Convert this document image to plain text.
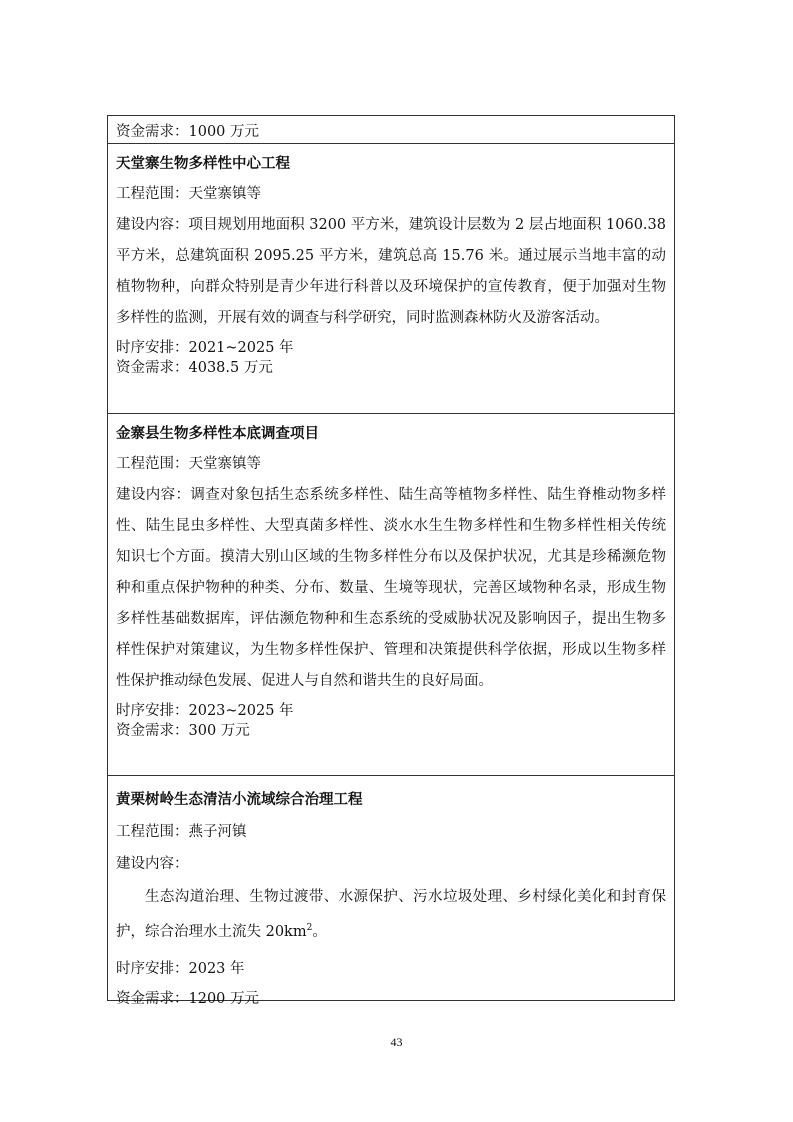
资金需求：1000 万元
天堂寨生物多样性中心工程
工程范围：天堂寨镇等
建设内容：项目规划用地面积 3200 平方米，建筑设计层数为 2 层占地面积 1060.38 平方米，总建筑面积 2095.25 平方米，建筑总高 15.76 米。通过展示当地丰富的动植物物种，向群众特别是青少年进行科普以及环境保护的宣传教育，便于加强对生物多样性的监测，开展有效的调查与科学研究，同时监测森林防火及游客活动。
时序安排：2021~2025 年
资金需求：4038.5 万元
金寨县生物多样性本底调查项目
工程范围：天堂寨镇等
建设内容：调查对象包括生态系统多样性、陆生高等植物多样性、陆生脊椎动物多样性、陆生昆虫多样性、大型真菌多样性、淡水水生生物多样性和生物多样性相关传统知识七个方面。摸清大别山区域的生物多样性分布以及保护状况，尤其是珍稀濒危物种和重点保护物种的种类、分布、数量、生境等现状，完善区域物种名录，形成生物多样性基础数据库，评估濒危物种和生态系统的受威胁状况及影响因子，提出生物多样性保护对策建议，为生物多样性保护、管理和决策提供科学依据，形成以生物多样性保护推动绿色发展、促进人与自然和谐共生的良好局面。
时序安排：2023~2025 年
资金需求：300 万元
黄栗树岭生态清洁小流域综合治理工程
工程范围：燕子河镇
建设内容：
生态沟道治理、生物过渡带、水源保护、污水垃圾处理、乡村绿化美化和封育保护，综合治理水土流失 $20km^2$。
时序安排：2023 年
资金需求：1200 万元
43
